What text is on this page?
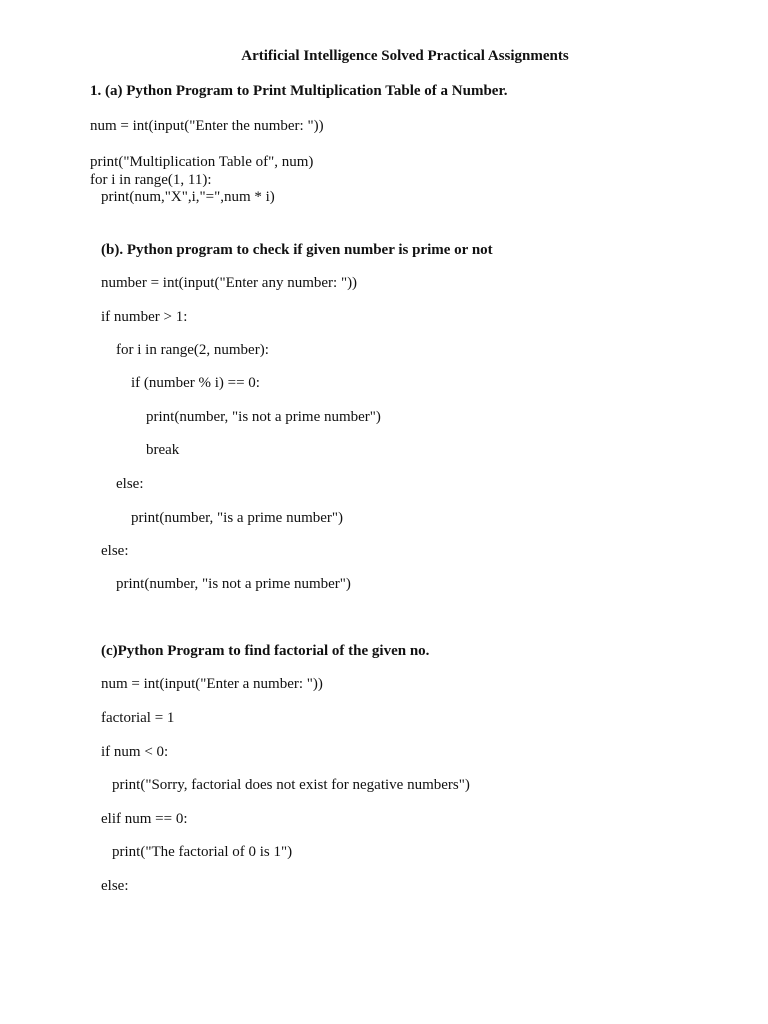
Artificial Intelligence Solved Practical Assignments

1. (a) Python Program to Print Multiplication Table of a Number.

num = int(input("Enter the number: "))

print("Multiplication Table of", num)

for i in range(1, 11):

print(num,"X",i,"=",num * i)

(b). Python program to check if given number is prime or not

number = int(input("Enter any number: "))

if number > 1:

for i in range(2, number):

if (number % i) == 0:

print(number, "is not a prime number")

break

else:

print(number, "is a prime number")

else:

print(number, "is not a prime number")

(c)Python Program to find factorial of the given no.

num = int(input("Enter a number: "))

factorial = 1

if num < 0:

print("Sorry, factorial does not exist for negative numbers")

elif num == 0:

print("The factorial of 0 is 1")

else:
